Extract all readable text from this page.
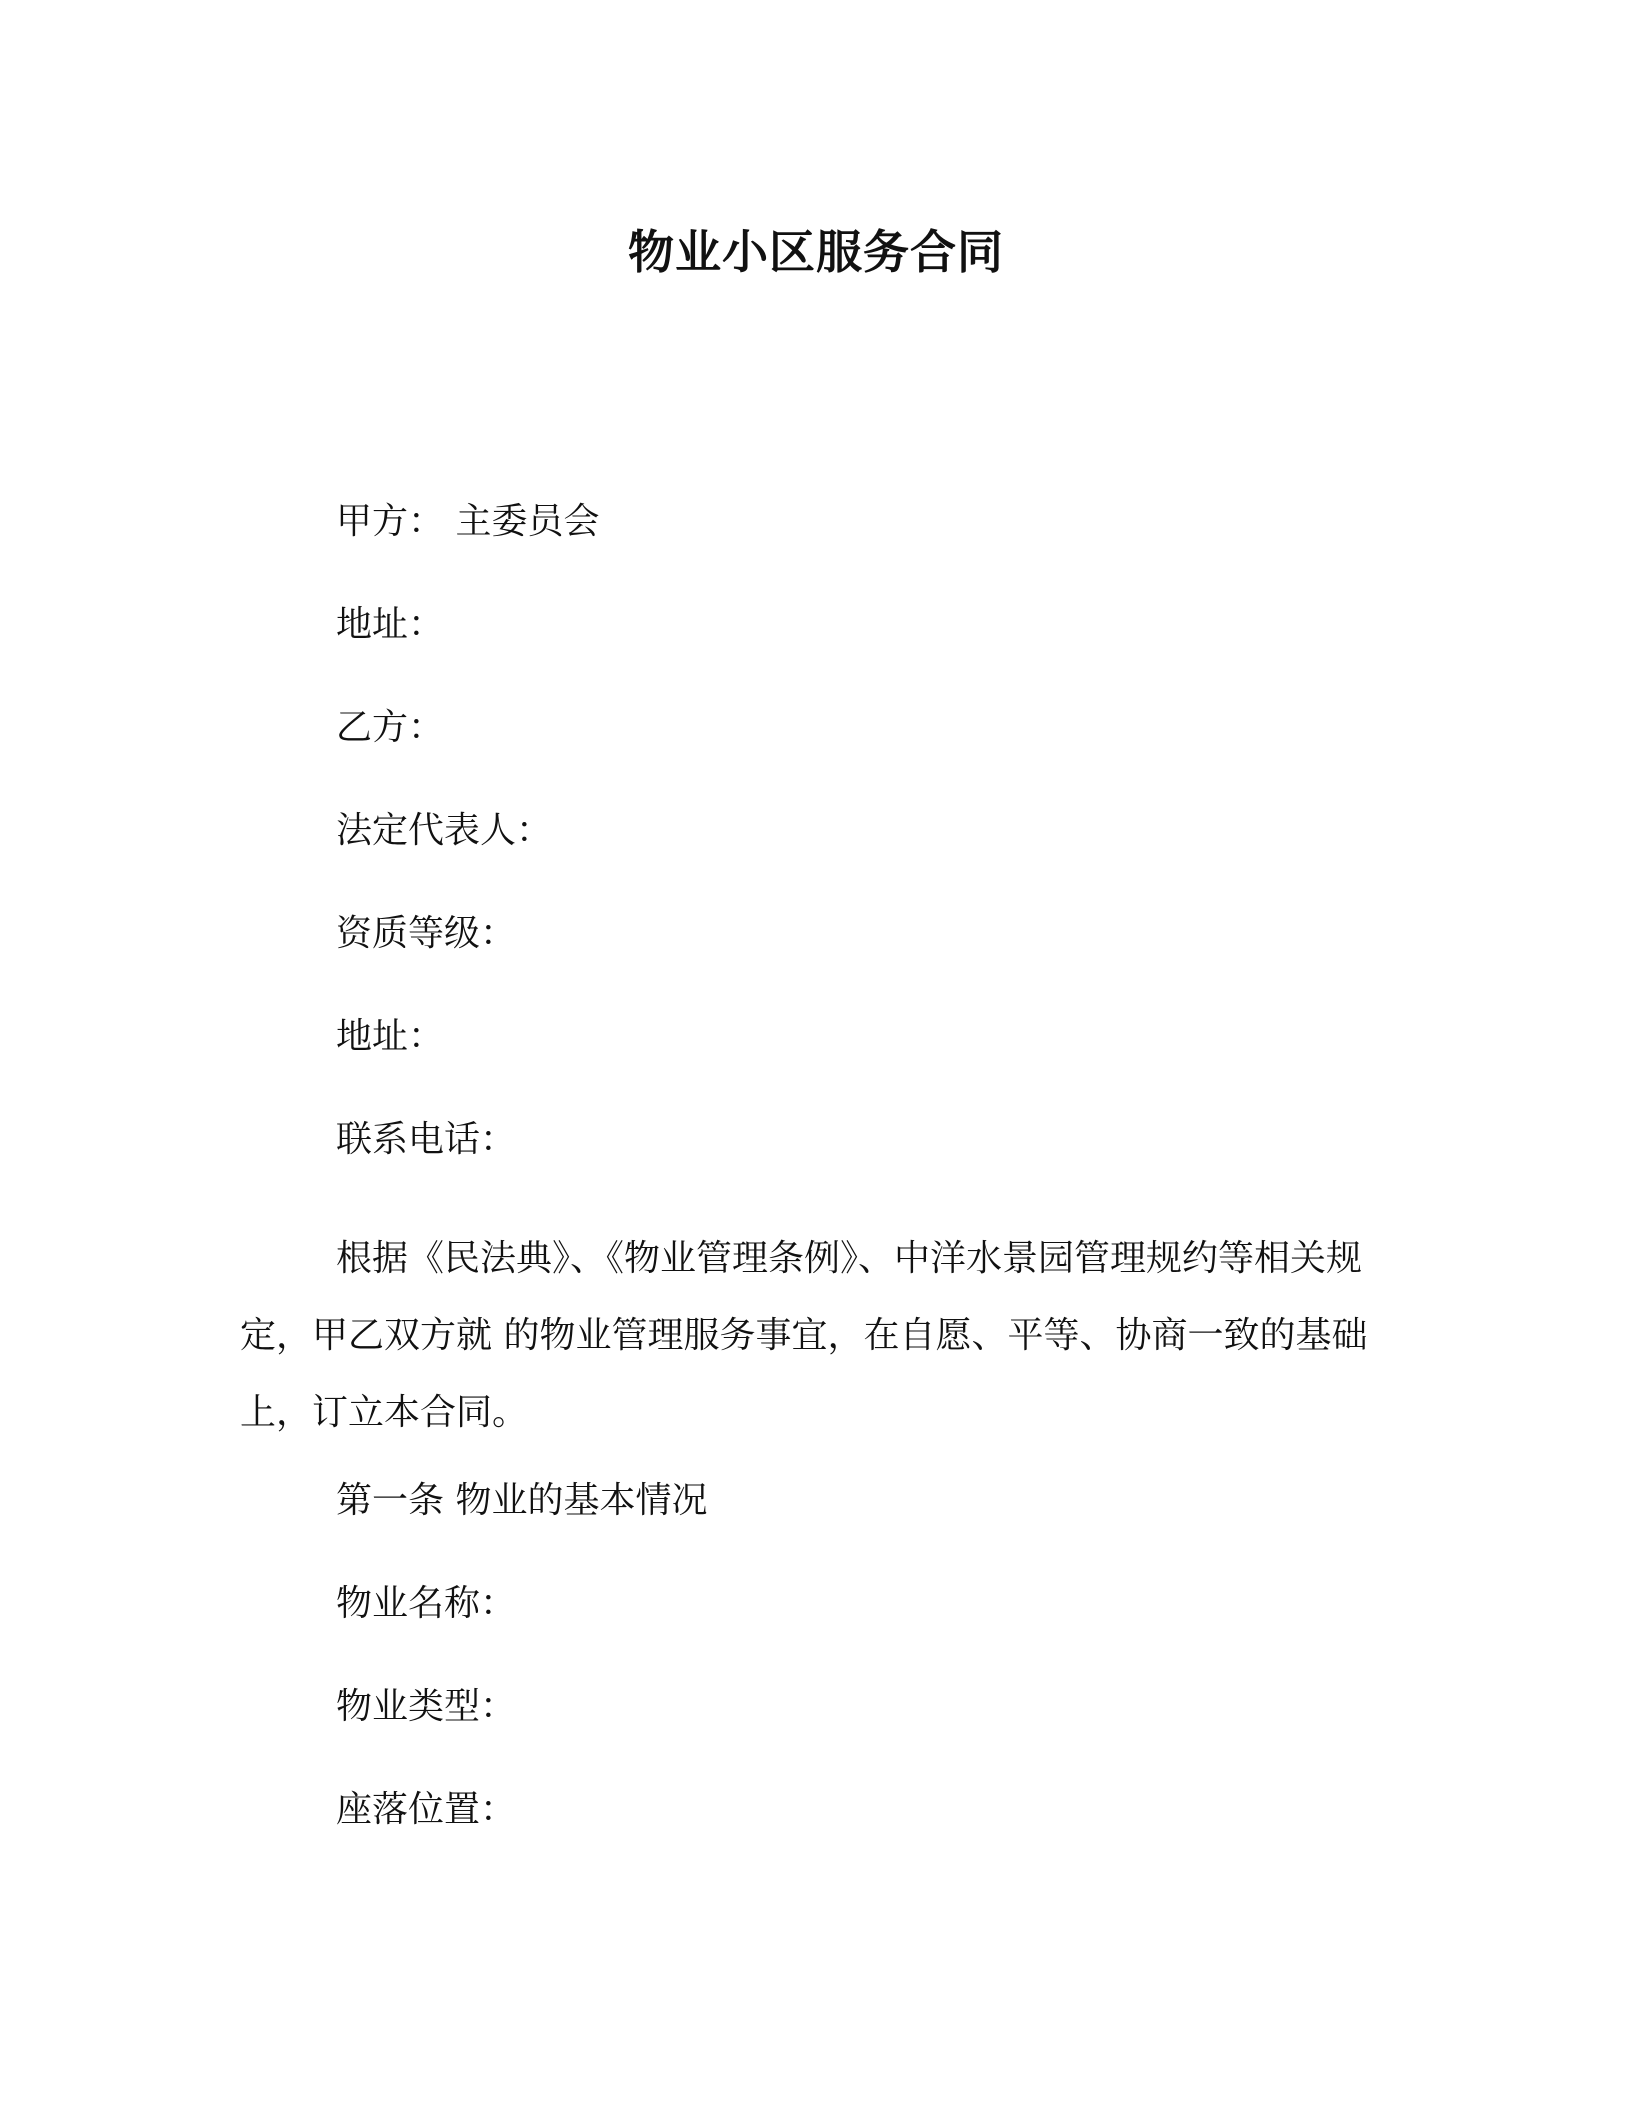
物业小区服务合同
甲方： 主委员会
地址：
乙方：
法定代表人：
资质等级：
地址：
联系电话：
根据《民法典》、《物业管理条例》、中洋水景园管理规约等相关规定，甲乙双方就 的物业管理服务事宜，在自愿、平等、协商一致的基础上，订立本合同。
第一条 物业的基本情况
物业名称：
物业类型：
座落位置：
